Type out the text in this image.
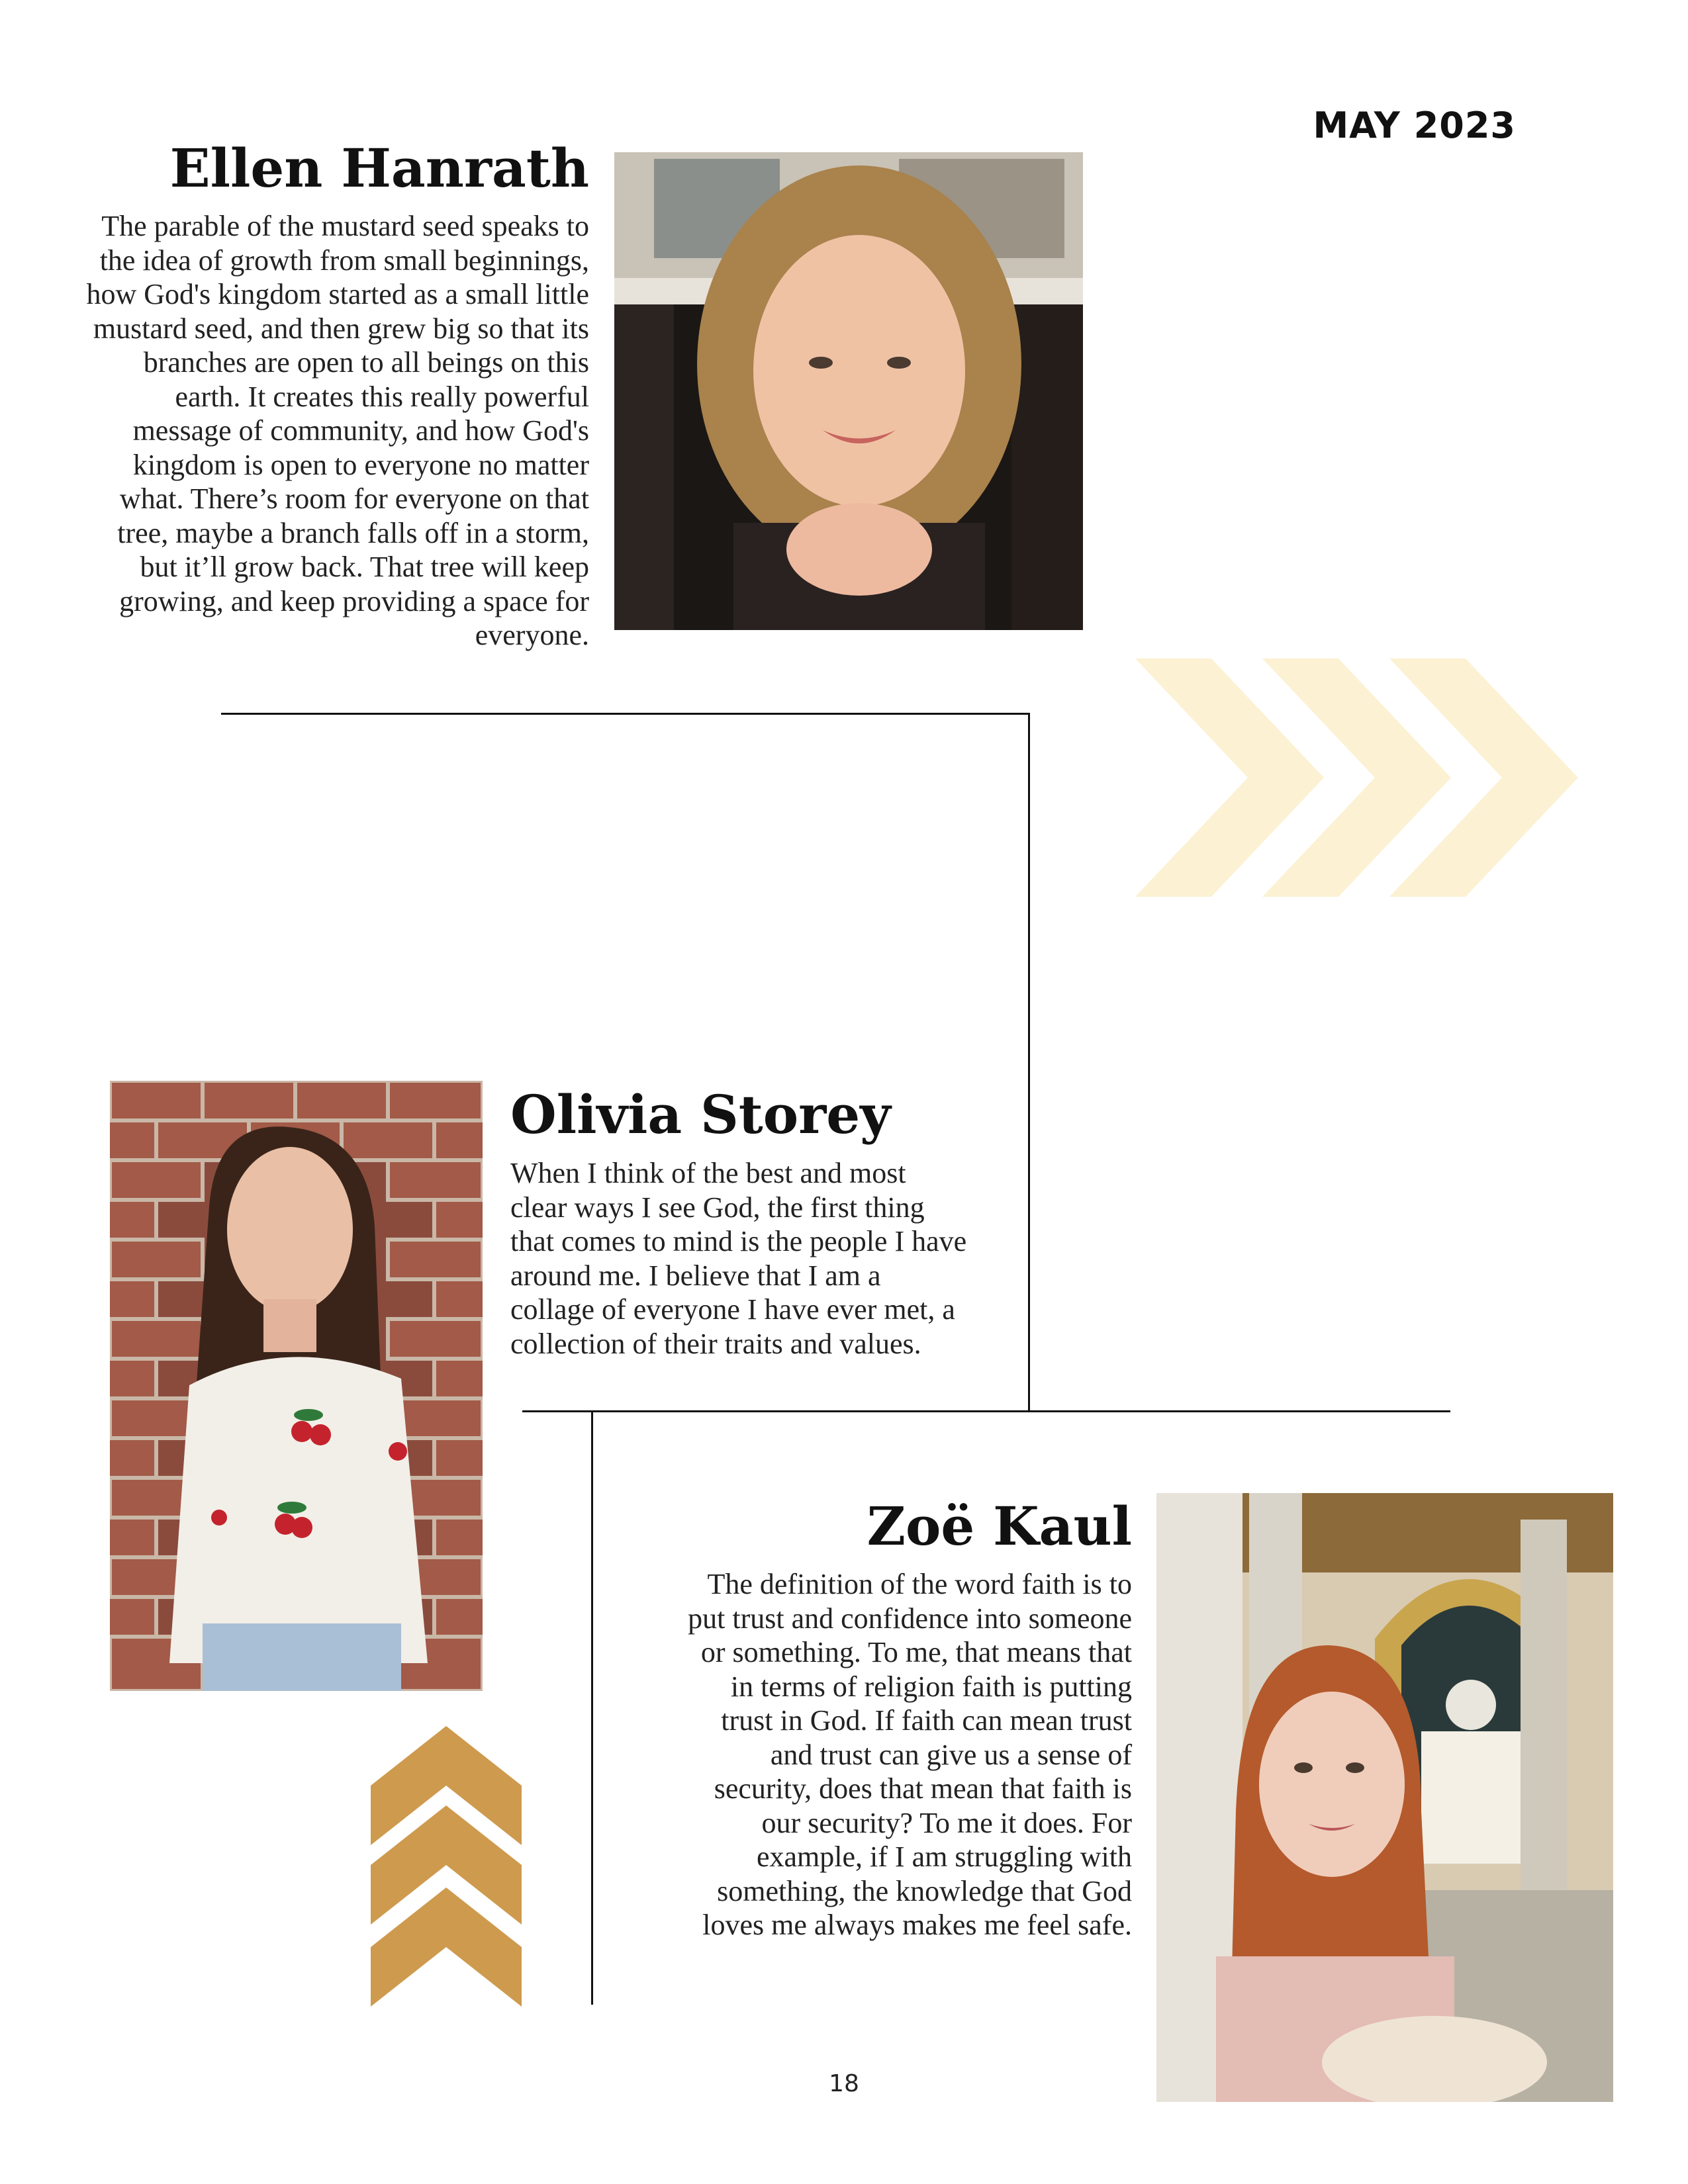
MAY 2023
Ellen Hanrath

The parable of the mustard seed speaks to the idea of growth from small beginnings, how God's kingdom started as a small little mustard seed, and then grew big so that its branches are open to all beings on this earth. It creates this really powerful message of community, and how God's kingdom is open to everyone no matter what. There’s room for everyone on that tree, maybe a branch falls off in a storm, but it’ll grow back. That tree will keep growing, and keep providing a space for everyone.

Olivia Storey

When I think of the best and most clear ways I see God, the first thing that comes to mind is the people I have around me. I believe that I am a collage of everyone I have ever met, a collection of their traits and values.

Zoë Kaul

The definition of the word faith is to put trust and confidence into someone or something. To me, that means that in terms of religion faith is putting trust in God. If faith can mean trust and trust can give us a sense of security, does that mean that faith is our security? To me it does. For example, if I am struggling with something, the knowledge that God loves me always makes me feel safe.

18
